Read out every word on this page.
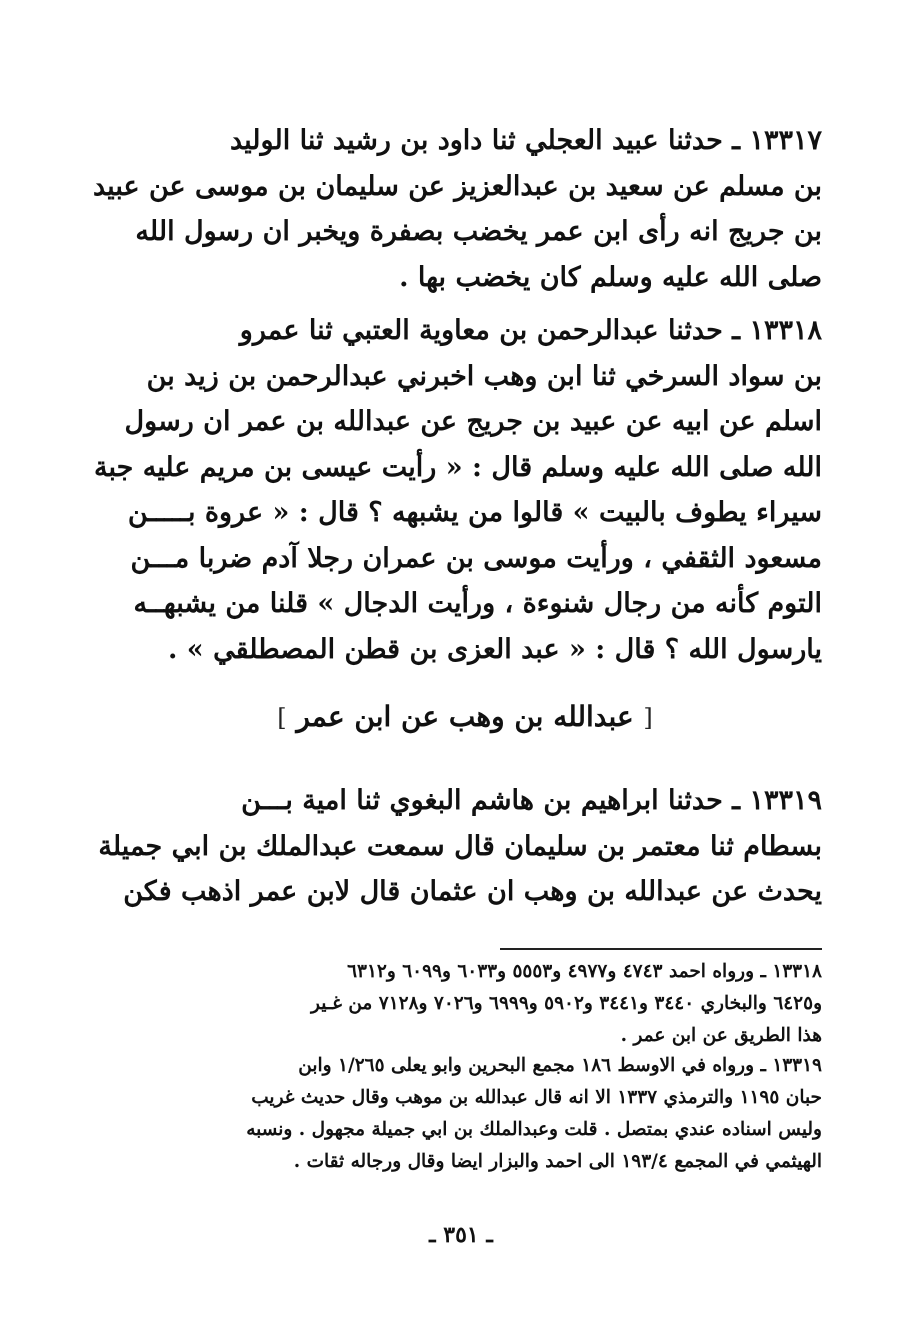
١٣٣١٧ ـ حدثنا عبيد العجلي ثنا داود بن رشيد ثنا الوليد
بن مسلم عن سعيد بن عبدالعزيز عن سليمان بن موسى عن عبيد
بن جريج انه رأى ابن عمر يخضب بصفرة ويخبر ان رسول الله
صلى الله عليه وسلم كان يخضب بها .
١٣٣١٨ ـ حدثنا عبدالرحمن بن معاوية العتبي ثنا عمرو
بن سواد السرخي ثنا ابن وهب اخبرني عبدالرحمن بن زيد بن
اسلم عن ابيه عن عبيد بن جريج عن عبدالله بن عمر ان رسول
الله صلى الله عليه وسلم قال : « رأيت عيسى بن مريم عليه جبة
سيراء يطوف بالبيت » قالوا من يشبهه ؟ قال : « عروة بـــــن
مسعود الثقفي ، ورأيت موسى بن عمران رجلا آدم ضربا مـــن
التوم كأنه من رجال شنوءة ، ورأيت الدجال » قلنا من يشبهــه
يارسول الله ؟ قال : « عبد العزى بن قطن المصطلقي » .
[ عبدالله بن وهب عن ابن عمر ]
١٣٣١٩ ـ حدثنا ابراهيم بن هاشم البغوي ثنا امية بـــن
بسطام ثنا معتمر بن سليمان قال سمعت عبدالملك بن ابي جميلة
يحدث عن عبدالله بن وهب ان عثمان قال لابن عمر اذهب فكن
١٣٣١٨ ـ ورواه احمد ٤٧٤٣ و٤٩٧٧ و٥٥٥٣ و٦٠٣٣ و٦٠٩٩ و٦٣١٢
و٦٤٢٥ والبخاري ٣٤٤٠ و٣٤٤١ و٥٩٠٢ و٦٩٩٩ و٧٠٢٦ و٧١٢٨ من غـير
هذا الطريق عن ابن عمر .
١٣٣١٩ ـ ورواه في الاوسط ١٨٦ مجمع البحرين وابو يعلى ١/٢٦٥ وابن
حبان ١١٩٥ والترمذي ١٣٣٧ الا انه قال عبدالله بن موهب وقال حديث غريب
وليس اسناده عندي بمتصل . قلت وعبدالملك بن ابي جميلة مجهول . ونسبه
الهيثمي في المجمع ١٩٣/٤ الى احمد والبزار ايضا وقال ورجاله ثقات .
ـ ٣٥١ ـ
